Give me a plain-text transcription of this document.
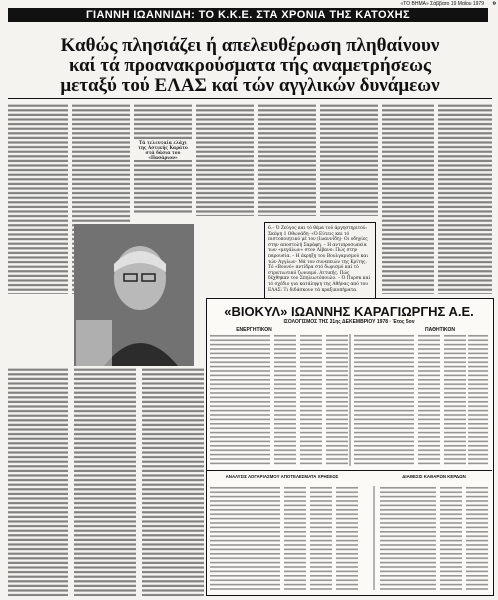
«ΤΟ ΒΗΜΑ» Σάββατο 19 Μαΐου 1979 9
ΓΙΑΝΝΗ ΙΩΑΝΝΙΔΗ: ΤΟ Κ.Κ.Ε. ΣΤΑ ΧΡΟΝΙΑ ΤΗΣ ΚΑΤΟΧΗΣ
Καθώς πλησιάζει ή απελευθέρωση πληθαίνουν
καί τά προανακρούσματα τής αναμετρήσεως
μεταξύ τού ΕΛΑΣ καί τών αγγλικών δυνάμεων
Τά τελευταία ελάχι
της Αστικής Καράτο
στά δάσια του «Πασάριον»
6.– Ό Ζεύγος και τό θέμα τού άργηστηριτού: Σκέψη 1 Οθωνάδη· «Ό Εύτεις και τό πιστοποιητικό μέ τον (Ιωαννίδη)· Οι οδηγίες στην αποστολή Σαράφη. – Η αντιπροσωπεία των «μεγάλων» στον Λίβανο: Πώς στην παρουσία. – Η έκρηξη του Βουλγαρισμού και τών Αγγλων· Μά τον συνεπειών της Κρίτης. Τό «Βουνό» αντίδρα στό δωρισμό καί τό στρατιωτικό ζωνιαμό. Αττικής. Πώς δέχθηκαν τον Σπηλιωτόπουλο. – Ό Πυρσκ καί τό σχέδιο για κατάληψη της Αθήνας από του ΕΛΑΣ: Τι διδάσκουν τά πραξικοπήματα.
«ΒΙΟΚΥΛ» ΙΩΑΝΝΗΣ ΚΑΡΑΓΙΩΡΓΗΣ Α.Ε.
ΙΣΟΛΟΓΙΣΜΟΣ ΤΗΣ 31ης ΔΕΚΕΜΒΡΙΟΥ 1978 · Έτος 5ον
ΕΝΕΡΓΗΤΙΚΟΝ	ΠΑΘΗΤΙΚΟΝ
ΑΝΑΛΥΣΙΣ ΛΟΓΑΡΙΑΣΜΟΥ ΑΠΟΤΕΛΕΣΜΑΤΑ ΧΡΗΣΕΩΣ	ΔΙΑΘΕΣΙΣ ΚΑΘΑΡΩΝ ΚΕΡΔΩΝ
